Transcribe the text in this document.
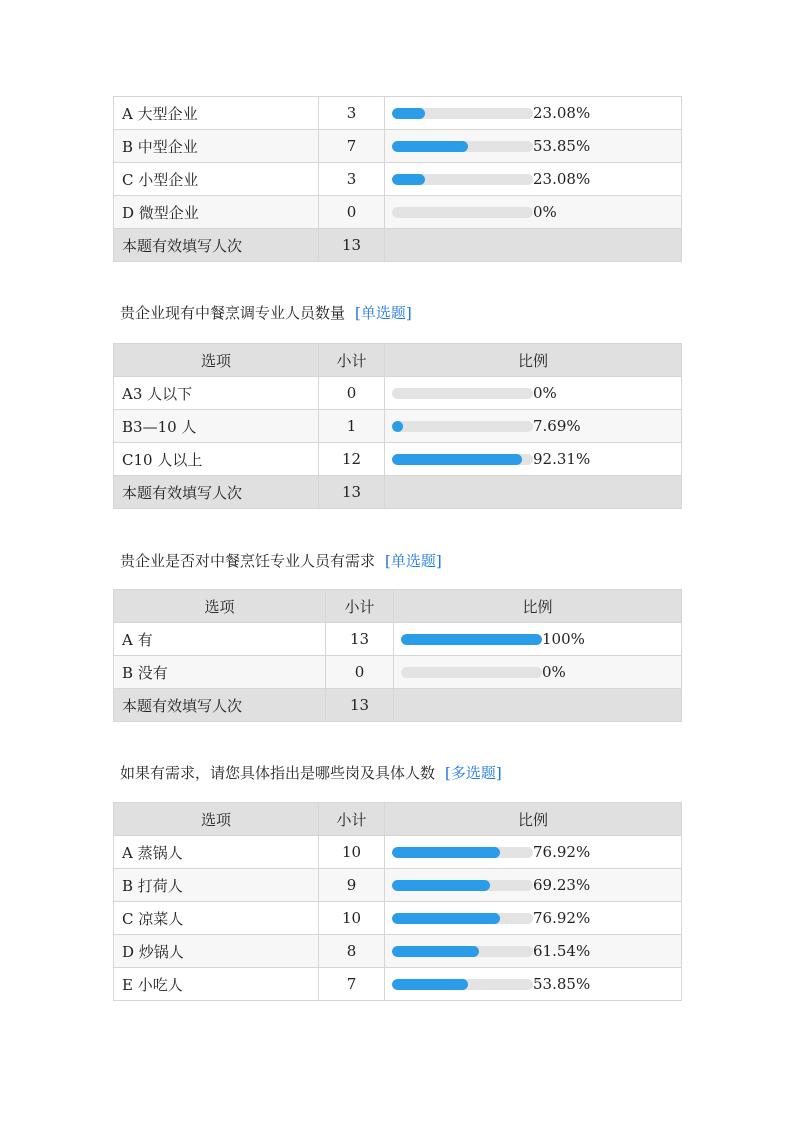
A 大型企业	3	23.08%

B 中型企业	7	53.85%

C 小型企业	3	23.08%

D 微型企业	0	0%

本题有效填写人次	13	
贵企业现有中餐烹调专业人员数量 [单选题]
选项	小计	比例
A3 人以下	0	0%

B3—10 人	1	7.69%

C10 人以上	12	92.31%

本题有效填写人次	13	
贵企业是否对中餐烹饪专业人员有需求 [单选题]
选项	小计	比例
A 有	13	100%

B 没有	0	0%

本题有效填写人次	13	
如果有需求，请您具体指出是哪些岗及具体人数 [多选题]
选项	小计	比例
A 蒸锅人	10	76.92%

B 打荷人	9	69.23%

C 凉菜人	10	76.92%

D 炒锅人	8	61.54%

E 小吃人	7	53.85%
